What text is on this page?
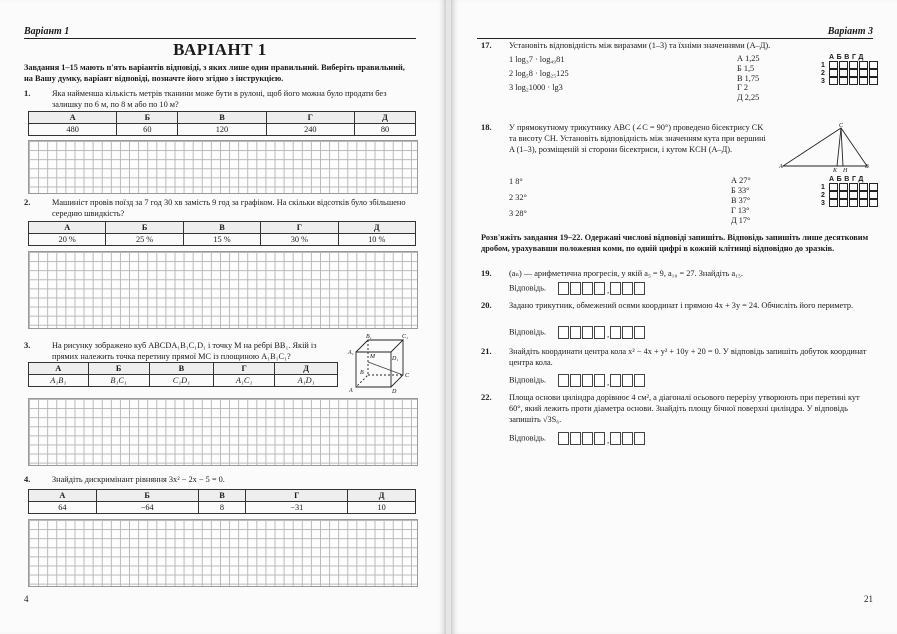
Варіант 1
ВАРІАНТ 1
Завдання 1–15 мають п'ять варіантів відповіді, з яких лише один правильний. Виберіть правильний, на Вашу думку, варіант відповіді, позначте його згідно з інструкцією.
1.	Яка найменша кількість метрів тканини може бути в рулоні, щоб його можна було продати без залишку по 6 м, по 8 м або по 10 м?
А	Б	В	Г	Д
480	60	120	240	80
2.	Машиніст провів поїзд за 7 год 30 хв замість 9 год за графіком. На скільки відсотків було збільшено середню швидкість?
А	Б	В	Г	Д
20 %	25 %	15 %	30 %	10 %
3.	На рисунку зображено куб ABCDA₁B₁C₁D₁ і точку M на ребрі BB₁. Якій із прямих належить точка перетину прямої MC із площиною A₁B₁C₁?
А	Б	В	Г	Д
A₁B₁	B₁C₁	C₁D₁	A₁C₁	A₁D₁
B₁	C₁
A₁
D₁
M
B	C
A	D
4.	Знайдіть дискримінант рівняння 3x² − 2x − 5 = 0.
А	Б	В	Г	Д
64	−64	8	−31	10
4
Варіант 3
17. Установіть відповідність між виразами (1–3) та їхніми значеннями (А–Д).
1 log₃7 · log₄₉81
2 log₅8 · log₂₅125
3 log₂1000 · lg3
А 1,25
Б 1,5
В 1,75
Г 2
Д 2,25
АБВГД
1
2
3
18. У прямокутному трикутнику ABC (∠C = 90°) проведено бісектрису CK та висоту CH. Установіть відповідність між значенням кута при вершині A (1–3), розміщеній зі сторони бісектриси, і кутом KCH (А–Д).
C
A
K H
B
1 8°
2 32°
3 28°
А 27°
Б 33°
В 37°
Г 13°
Д 17°
АБВГД
1
2
3
Розв'яжіть завдання 19–22. Одержані числові відповіді запишіть. Відповідь запишіть лише десятковим дробом, урахувавши положення коми, по одній цифрі в кожній клітинці відповідно до зразків.
19. (aₙ) — арифметична прогресія, у якій a₅ = 9, a₁₀ = 27. Знайдіть a₁₅.
Відповідь.	,
20. Задано трикутник, обмежений осями координат і прямою 4x + 3y = 24. Обчисліть його периметр.
Відповідь.	,
21. Знайдіть координати центра кола x² − 4x + y² + 10y + 20 = 0. У відповідь запишіть добуток координат центра кола.
Відповідь.	,
22. Площа основи циліндра дорівнює 4 см², а діагоналі осьового перерізу утворюють при перетині кут 60°, який лежить проти діаметра основи. Знайдіть площу бічної поверхні циліндра. У відповідь запишіть √3S₆.
Відповідь.	,
21
